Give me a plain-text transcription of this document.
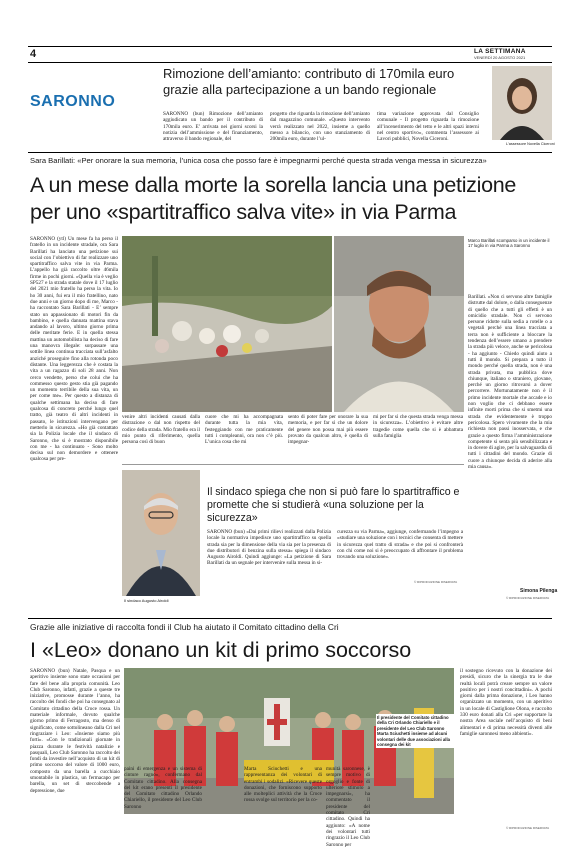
4	LA SETTIMANA
VENERDÌ 20 AGOSTO 2021
SARONNO
Rimozione dell’amianto: contributo di 170mila euro grazie alla partecipazione a un bando regionale
SARONNO (bun) Rimozione dell’amianto aggiudicato un bando per il contributo di 170mila euro. E’ arrivata nei giorni scorsi la notizia dell’ammissione e del finanziamento, attraverso il bando regionale, del
progetto che riguarda la rimozione dell’amianto dal magazzino comunale. «Questo intervento verrà realizzato nel 2022, insieme a quello messo a bilancio, con uno stanziamento di 200mila euro, durante l’ul-
tima variazione approvata dal Consiglio comunale - Il progetto riguarda la rimozione all’incenerimento del tetto e le altri spazi interni nel centro sportivo», commenta l’assessore ai Lavori pubblici, Novella Ciceroni.
L’assessore Novella Ciceroni
Sara Barillati: «Per onorare la sua memoria, l’unica cosa che posso fare è impegnarmi perché questa strada venga messa in sicurezza»
A un mese dalla morte la sorella lancia una petizione
per uno «spartitraffico salva vite» in via Parma
SARONNO (ytl) Un mese fa ha perso il fratello in un incidente stradale, ora Sara Barillati ha lanciato una petizione sui social con l’obiettivo di far realizzare uno spartitraffico salva vite in via Parma. L’appello ha già raccolto oltre 46mila firme in pochi giorni. «Quella via è veglio SP527 e la strada statale dove il 17 luglio del 2021 mio fratello ha perso la vita. Io ho 30 anni, fui era il mio fratellino, nato due anni e un giorno dopo di me, Marco - ha raccontato Sara Barillati - E’ sempre stato un appassionato di motori fin da bambino, e quella dannata mattina stava andando al lavoro, ultimo giorno prima delle meritate ferie. E in quella stessa mattina un automobilista ha deciso di fare una manovra illegale: sorpassare una sottile linea continua tracciata sull’asfalto anziché proseguire fino alla rotonda poco distante. Una leggerezza che è costata la vita a un ragazzo di soli 28 anni. Non cerco vendette, perso che colui che ha commesso questo gesto stia già pagando un momento terribile della sua vita, un per come me». Per questo a distanza di qualche settimana ha deciso di fare qualcosa di concreto perché lungo quel tratto, già teatro di altri incidenti in passato, le istituzioni intervengano per metterlo in sicurezza. «Ho già contattato sia la Polizia locale che il sindaco di Saronno, che si è mostrato disponibile con me - ha continuato - Sono molto decisa sul non demordere e ottenere qualcosa per pre-
Marco Barillati scomparso in un incidente il 17 luglio in via Parma a Saronno
Barillati. «Non ci servono altre famiglie distrutte dal dolore, o dalla conseguenze di quello che a tutti gli effetti è un omicidio stradale. Non ci servono persone ridotte sulla sedia a rotelle o a vegetali perché una linea tracciata a terra non è sufficiente a bloccare la tendenza dell’essere umano a prendere la strada più veloce, anche se pericolosa - ha aggiunto - Chiedo quindi aiuto a tutti il mondo. Si prepara a tutto il mondo perché quella strada, non è una strada privata, ma pubblica dove chiunque, italiano o straniero, giovane, perché un giorno ritrovarsi a dover percorrere. Mortunatamente non è il primo incidente mortale che accade e io non voglio che ci debbano essere infinite morti prima che si smetmi una strada che evidentemente è troppo pericolosa. Spero vivamente che la mia richiesta non passi inosservata, e che grazie a questo firma l’amministrazione competente si senta più sensibilizzata e in dovere di agire, per la salvaguardia di tutti i cittadini del mondo. Grazie di cuore a chiunque decida di aderire alla mia causa».
Simona Pilenga
© RIPRODUZIONE RISERVATA
venire altri incidenti causati dalla distrazione o dal non rispetto del codice della strada. Mio fratello era il mio punto di riferimento, quella persona così di buon
cuore che mi ha accompagnata durante tutta la mia vita, festeggiando con me praticamente tutti i compleanni, ora non c’è più. L’unica cosa che mi
sento di poter fare per onorare la sua memoria, e per far sì che un dolore del genere non possa mai più essere provato da qualcun altro, è quella di impegnar-
mi per far sì che questa strada venga messa in sicurezza». L’obiettivo è evitare altre tragedie come quella che si è abbattuta sulla famiglia
Il sindaco Augusto Airoldi
Il sindaco spiega che non si può fare lo spartitraffico e promette che si studierà «una soluzione per la sicurezza»
SARONNO (bun) «Dai primi rilievi realizzati dalla Polizia locale la normativa impedisce uno spartitraffico su quella strada sia per la dimensione della via sia per la presenza di due distributori di benzina sulla stessa» spiega il sindaco Augusto Airoldi. Quindi aggiunge: «La petizione di Sara Barillati da un segnale per intervenire sulla messa in si-
curezza su via Parma», aggiunge, confermando l’impegno a «studiare una soluzione con i tecnici che consenta di mettere in sicurezza quel tratto di strada» e che poi si confronterà con chi come noi si è preoccupato di affrontare il problema trovando una soluzione».
© RIPRODUZIONE RISERVATA
Grazie alle iniziative di raccolta fondi il Club ha aiutato il Comitato cittadino della Cri
I «Leo» donano un kit di primo soccorso
SARONNO (bun) Natale, Pasqua e un aperitivo insieme sono state occasioni per fare del bene alla propria comunità. Leo Club Saronno, infatti, grazie a queste tre iniziative, promosse durante l’anno, ha raccolto dei fondi che poi ha consegnato al Comitato cittadino della Croce rossa. Un materiale informale, dovuto qualche giorno primo di Ferragosto, ma denso di significato, come sottolineano dalla Cri nel ringraziare i Leo: «Insieme siamo più forti». «Con le tradizionali giornate in piazza durante le festività natalizie e pasquali, Leo Club Saronno ha raccolto dei fondi da investire nell’acquisto di un kit di primo soccorso del valore di 1000 euro, composto da una barella a cucchiaio smontabile in plastica, un fermacapo per barella, un set di steccobende a depressione, due
paini di emergenza e un sistema di cinture ragno», confermano dal Comitato cittadino. Alla consegna del kit erano presenti il presidente del Comitato cittadino Orlando Chiariello, il presidente del Leo Club Saronno
Il presidente del Comitato cittadino della Cri Orlando Chiariello e il presidente del Leo Club Saronno Marta Sciuchetti insieme ad alcuni volontari delle due associazioni alla consegna dei kit
il sostegno ricevuto con la donazione dei presidi, sicuro che la sinergia tra le due realtà locali potrà creare sempre un valore positivo per i nostri concittadini». A pochi giorni dalla prima donazione, i Leo hanno organizzato un momento, con un aperitivo in un locale di Castiglione Olona, e raccolto 330 euro donati alla Cri «per supportare la nostra Area sociale nell’acquisto di beni alimentari e di prima necessità diventi alle famiglie saronnesi meno abbienti».
Marta Sciuchetti e una rappresentanza dei volontari di entrambi i sodalizi. «Ricevere queste donazioni, che forniscono supporto alle molteplici attività che la Croce rossa svolge sul territorio per la co-
munità saronnese, è sempre motivo di orgoglio e fonte di ulteriore stimolo a impegnarsi», ha commentato il presidente del comitato Cri cittadino. Quindi ha aggiunto: «A nome dei volontari tutti ringrazio il Leo Club Saronno per
© RIPRODUZIONE RISERVATA
